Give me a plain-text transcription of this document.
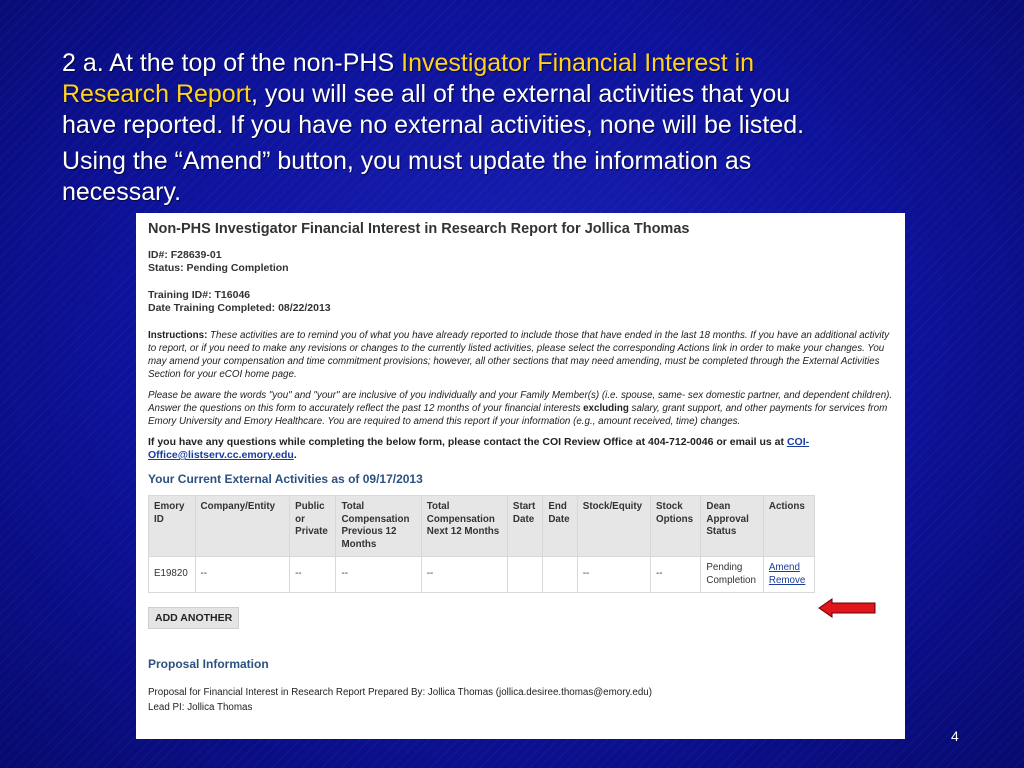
2 a. At the top of the non-PHS Investigator Financial Interest in
Research Report, you will see all of the external activities that you
have reported. If you have no external activities, none will be listed.

Using the “Amend” button, you must update the information as
necessary.

Non-PHS Investigator Financial Interest in Research Report for Jollica Thomas
ID#: F28639-01
Status: Pending Completion
Training ID#: T16046
Date Training Completed: 08/22/2013

Instructions: These activities are to remind you of what you have already reported to include those that have ended in the last 18 months. If you have an additional activity to report, or if you need to make any revisions or changes to the currently listed activities, please select the corresponding Actions link in order to make your changes. You may amend your compensation and time commitment provisions; however, all other sections that may need amending, must be completed through the External Activities Section for your eCOI home page.

Please be aware the words "you" and "your" are inclusive of you individually and your Family Member(s) (i.e. spouse, same- sex domestic partner, and dependent children). Answer the questions on this form to accurately reflect the past 12 months of your financial interests excluding salary, grant support, and other payments for services from Emory University and Emory Healthcare. You are required to amend this report if your information (e.g., amount received, time) changes.

If you have any questions while completing the below form, please contact the COI Review Office at 404-712-0046 or email us at COI-Office@listserv.cc.emory.edu.

Your Current External Activities as of 09/17/2013
Emory ID	Company/Entity	Public or Private	Total Compensation Previous 12 Months	Total Compensation Next 12 Months	Start Date	End Date	Stock/Equity	Stock Options	Dean Approval Status	Actions
E19820	--	--	--	--			--	--	Pending Completion	Amend
Remove
ADD ANOTHER
Proposal Information
Proposal for Financial Interest in Research Report Prepared By: Jollica Thomas (jollica.desiree.thomas@emory.edu)
Lead PI: Jollica Thomas
4
